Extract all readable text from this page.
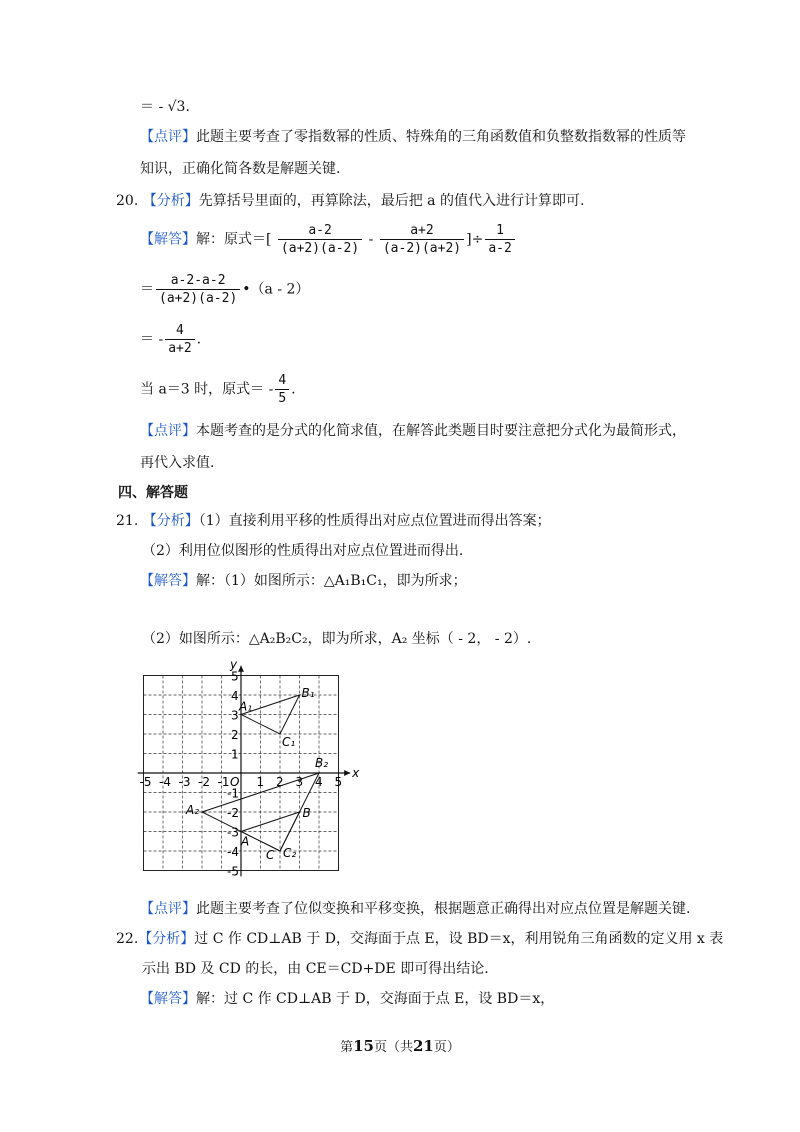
＝ - √3.
【点评】此题主要考查了零指数幂的性质、特殊角的三角函数值和负整数指数幂的性质等
知识，正确化简各数是解题关键.
20. 【分析】先算括号里面的，再算除法，最后把 a 的值代入进行计算即可.
【解答】解：原式＝[ $\frac{a-2}{(a+2)(a-2)} - \frac{a+2}{(a-2)(a+2)}$ ]÷ $\frac{1}{a-2}$
＝ $\frac{a-2-a-2}{(a+2)(a-2)}$ •（a - 2）
＝ - $\frac{4}{a+2}$ .
当 a＝3 时，原式＝ - $\frac{4}{5}$ .
【点评】本题考查的是分式的化简求值，在解答此类题目时要注意把分式化为最简形式，
再代入求值.
四、解答题
21. 【分析】（1）直接利用平移的性质得出对应点位置进而得出答案；
（2）利用位似图形的性质得出对应点位置进而得出.
【解答】解：（1）如图所示：△A₁B₁C₁，即为所求；
（2）如图所示：△A₂B₂C₂，即为所求，A₂ 坐标（ - 2， - 2）.
x
y
-5 -4 -3 -2 -1 O 1 2 3 4 5
5
4
3
2
1
-1
-2
-3
-4
-5
A₁
B₁
C₁
A₂
B₂
C₂
A
B
C
【点评】此题主要考查了位似变换和平移变换，根据题意正确得出对应点位置是解题关键.
22.【分析】过 C 作 CD⊥AB 于 D，交海面于点 E，设 BD＝x，利用锐角三角函数的定义用 x 表
示出 BD 及 CD 的长，由 CE＝CD+DE 即可得出结论.
【解答】解：过 C 作 CD⊥AB 于 D，交海面于点 E，设 BD＝x，
第15页（共21页）
